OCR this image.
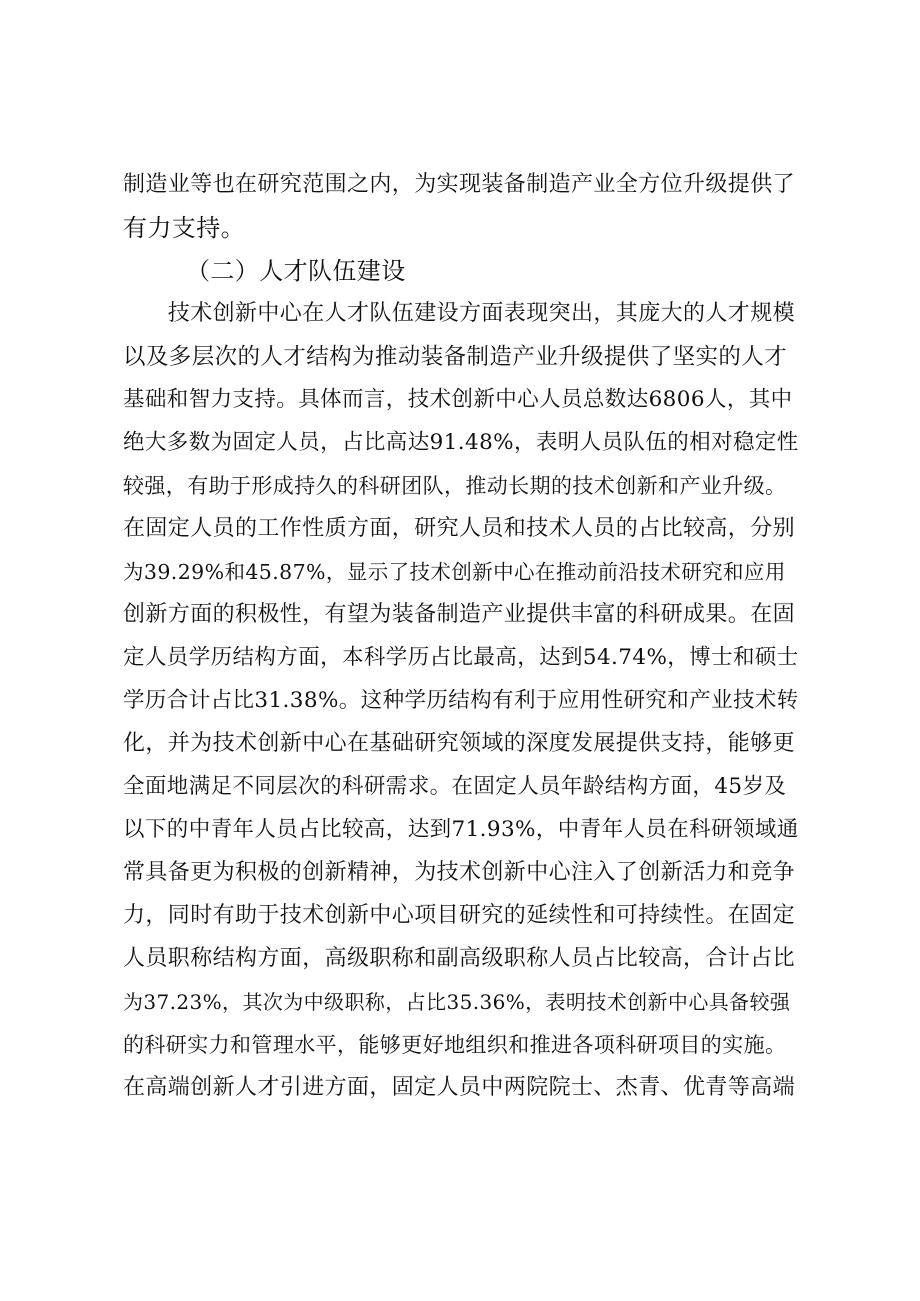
制造业等也在研究范围之内，为实现装备制造产业全方位升级提供了
有力支持。
（二）人才队伍建设
　　技术创新中心在人才队伍建设方面表现突出，其庞大的人才规模
以及多层次的人才结构为推动装备制造产业升级提供了坚实的人才
基础和智力支持。具体而言，技术创新中心人员总数达6806人，其中
绝大多数为固定人员，占比高达91.48%，表明人员队伍的相对稳定性
较强，有助于形成持久的科研团队，推动长期的技术创新和产业升级。
在固定人员的工作性质方面，研究人员和技术人员的占比较高，分别
为39.29%和45.87%，显示了技术创新中心在推动前沿技术研究和应用
创新方面的积极性，有望为装备制造产业提供丰富的科研成果。在固
定人员学历结构方面，本科学历占比最高，达到54.74%，博士和硕士
学历合计占比31.38%。这种学历结构有利于应用性研究和产业技术转
化，并为技术创新中心在基础研究领域的深度发展提供支持，能够更
全面地满足不同层次的科研需求。在固定人员年龄结构方面，45岁及
以下的中青年人员占比较高，达到71.93%，中青年人员在科研领域通
常具备更为积极的创新精神，为技术创新中心注入了创新活力和竞争
力，同时有助于技术创新中心项目研究的延续性和可持续性。在固定
人员职称结构方面，高级职称和副高级职称人员占比较高，合计占比
为37.23%，其次为中级职称，占比35.36%，表明技术创新中心具备较强
的科研实力和管理水平，能够更好地组织和推进各项科研项目的实施。
在高端创新人才引进方面，固定人员中两院院士、杰青、优青等高端
